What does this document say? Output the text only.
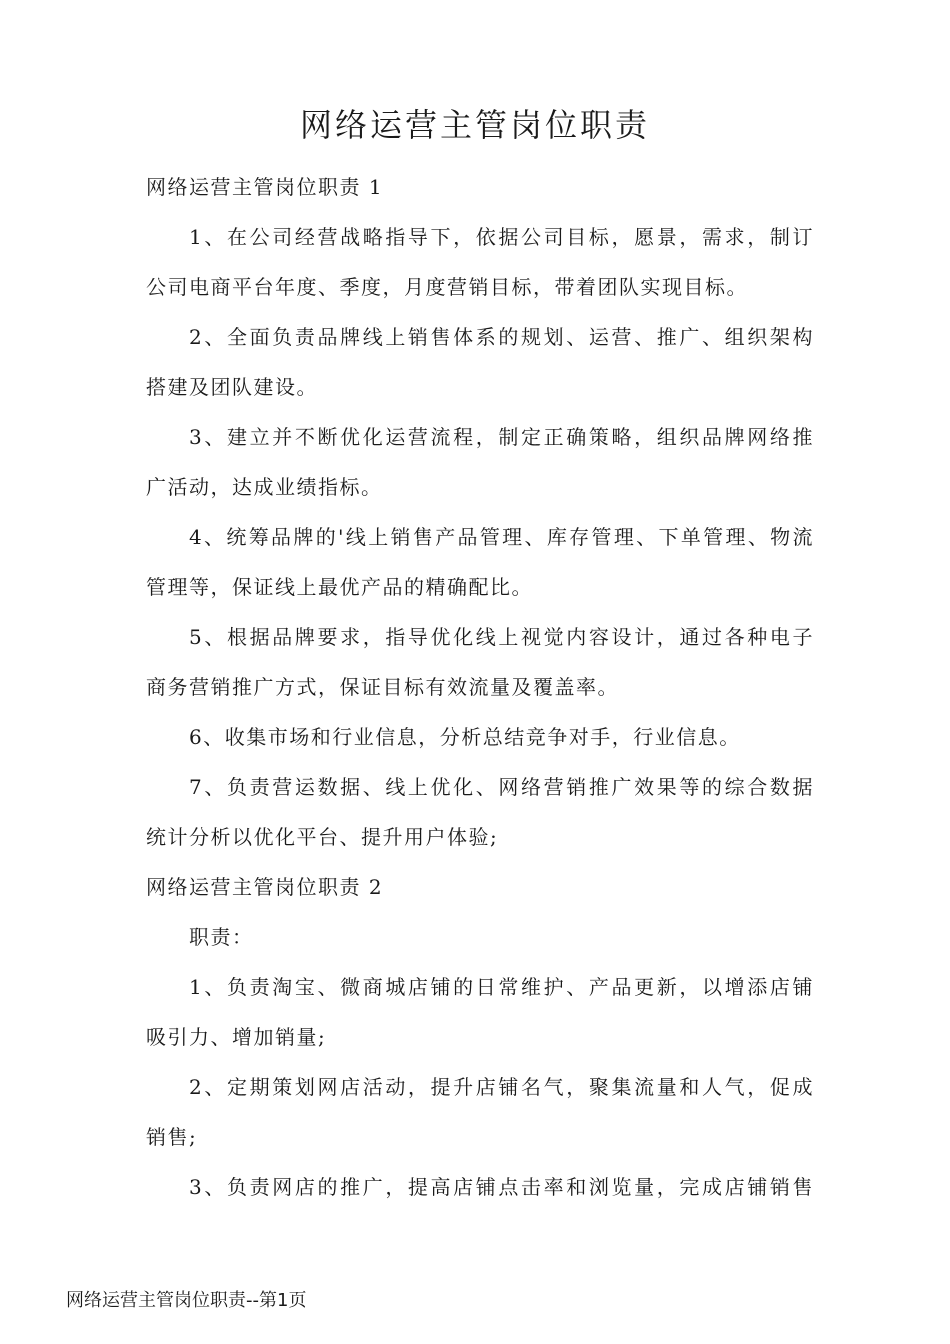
网络运营主管岗位职责
网络运营主管岗位职责 1
1、在公司经营战略指导下，依据公司目标，愿景，需求，制订
公司电商平台年度、季度，月度营销目标，带着团队实现目标。
2、全面负责品牌线上销售体系的规划、运营、推广、组织架构
搭建及团队建设。
3、建立并不断优化运营流程，制定正确策略，组织品牌网络推
广活动，达成业绩指标。
4、统筹品牌的'线上销售产品管理、库存管理、下单管理、物流
管理等，保证线上最优产品的精确配比。
5、根据品牌要求，指导优化线上视觉内容设计，通过各种电子
商务营销推广方式，保证目标有效流量及覆盖率。
6、收集市场和行业信息，分析总结竞争对手，行业信息。
7、负责营运数据、线上优化、网络营销推广效果等的综合数据
统计分析以优化平台、提升用户体验;
网络运营主管岗位职责 2
职责：
1、负责淘宝、微商城店铺的日常维护、产品更新，以增添店铺
吸引力、增加销量;
2、定期策划网店活动，提升店铺名气，聚集流量和人气，促成
销售;
3、负责网店的推广，提高店铺点击率和浏览量，完成店铺销售
网络运营主管岗位职责--第1页
